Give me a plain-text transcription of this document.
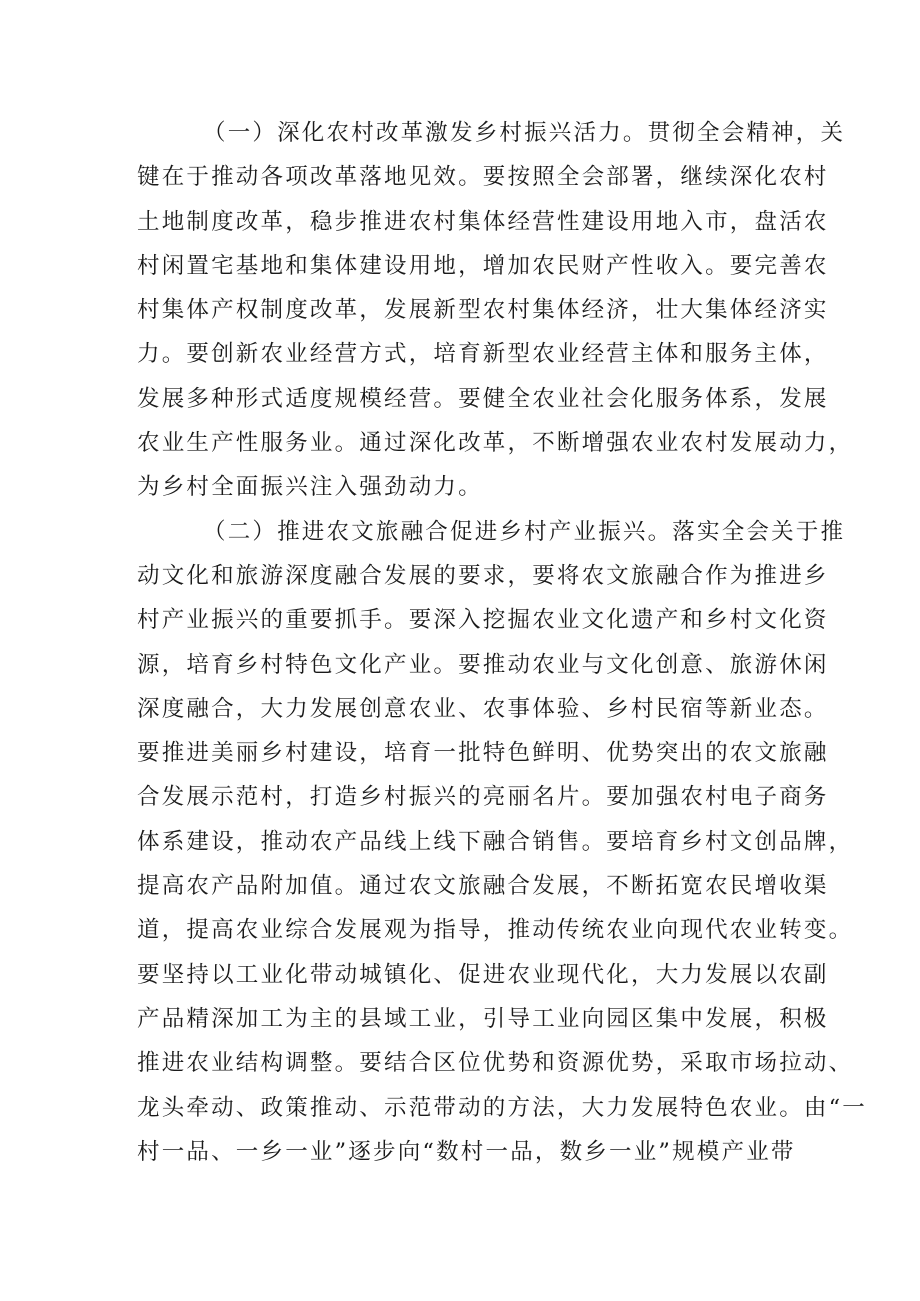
（一）深化农村改革激发乡村振兴活力。贯彻全会精神，关
键在于推动各项改革落地见效。要按照全会部署，继续深化农村
土地制度改革，稳步推进农村集体经营性建设用地入市，盘活农
村闲置宅基地和集体建设用地，增加农民财产性收入。要完善农
村集体产权制度改革，发展新型农村集体经济，壮大集体经济实
力。要创新农业经营方式，培育新型农业经营主体和服务主体，
发展多种形式适度规模经营。要健全农业社会化服务体系，发展
农业生产性服务业。通过深化改革，不断增强农业农村发展动力，
为乡村全面振兴注入强劲动力。
（二）推进农文旅融合促进乡村产业振兴。落实全会关于推
动文化和旅游深度融合发展的要求，要将农文旅融合作为推进乡
村产业振兴的重要抓手。要深入挖掘农业文化遗产和乡村文化资
源，培育乡村特色文化产业。要推动农业与文化创意、旅游休闲
深度融合，大力发展创意农业、农事体验、乡村民宿等新业态。
要推进美丽乡村建设，培育一批特色鲜明、优势突出的农文旅融
合发展示范村，打造乡村振兴的亮丽名片。要加强农村电子商务
体系建设，推动农产品线上线下融合销售。要培育乡村文创品牌，
提高农产品附加值。通过农文旅融合发展，不断拓宽农民增收渠
道，提高农业综合发展观为指导，推动传统农业向现代农业转变。
要坚持以工业化带动城镇化、促进农业现代化，大力发展以农副
产品精深加工为主的县域工业，引导工业向园区集中发展，积极
推进农业结构调整。要结合区位优势和资源优势，采取市场拉动、
龙头牵动、政策推动、示范带动的方法，大力发展特色农业。由“一
村一品、一乡一业”逐步向“数村一品，数乡一业”规模产业带
